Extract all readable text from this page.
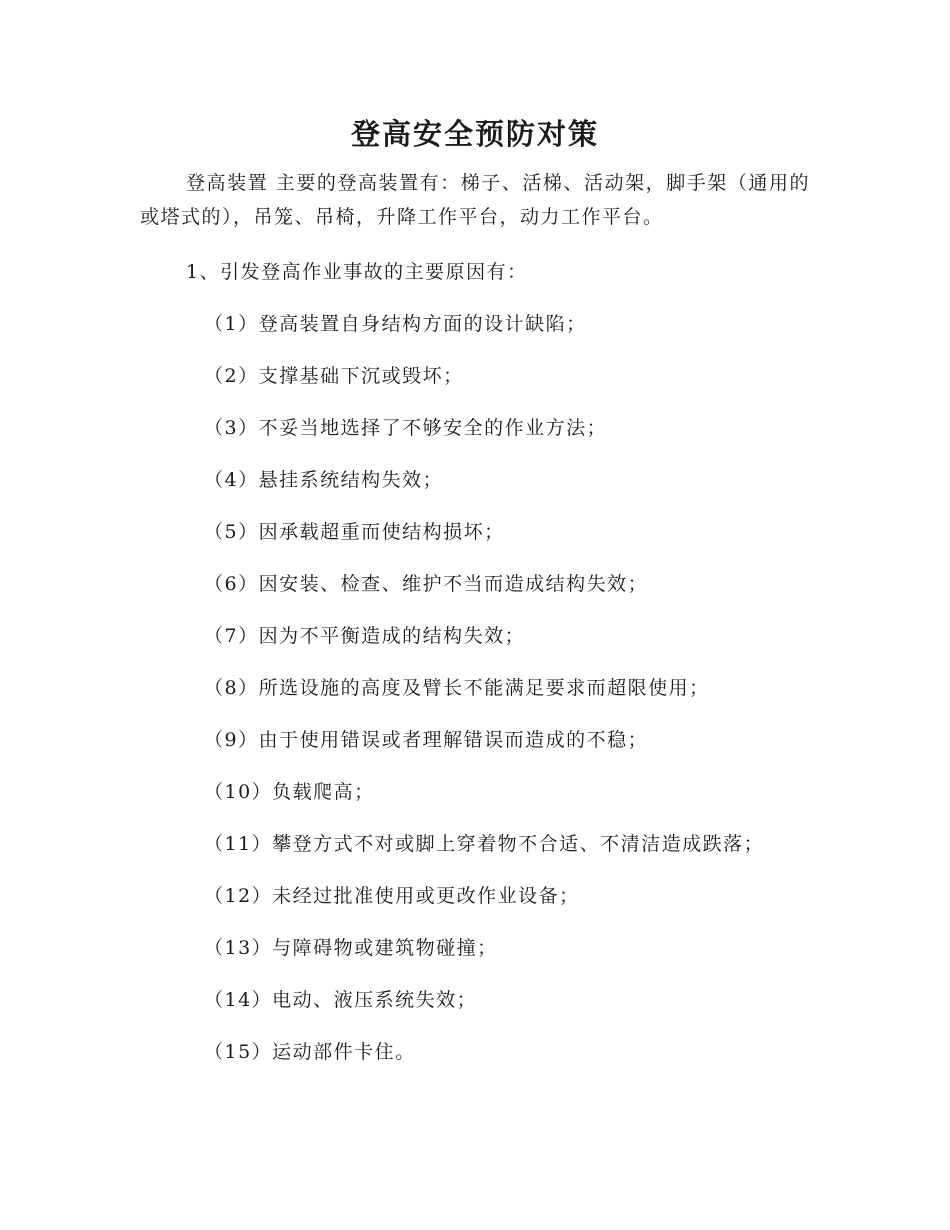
登高安全预防对策

登高装置 主要的登高装置有：梯子、活梯、活动架，脚手架（通用的或塔式的），吊笼、吊椅，升降工作平台，动力工作平台。

1、引发登高作业事故的主要原因有：

（1）登高装置自身结构方面的设计缺陷；
（2）支撑基础下沉或毁坏；
（3）不妥当地选择了不够安全的作业方法；
（4）悬挂系统结构失效；
（5）因承载超重而使结构损坏；
（6）因安装、检查、维护不当而造成结构失效；
（7）因为不平衡造成的结构失效；
（8）所选设施的高度及臂长不能满足要求而超限使用；
（9）由于使用错误或者理解错误而造成的不稳；
（10）负载爬高；
（11）攀登方式不对或脚上穿着物不合适、不清洁造成跌落；
（12）未经过批准使用或更改作业设备；
（13）与障碍物或建筑物碰撞；
（14）电动、液压系统失效；
（15）运动部件卡住。
